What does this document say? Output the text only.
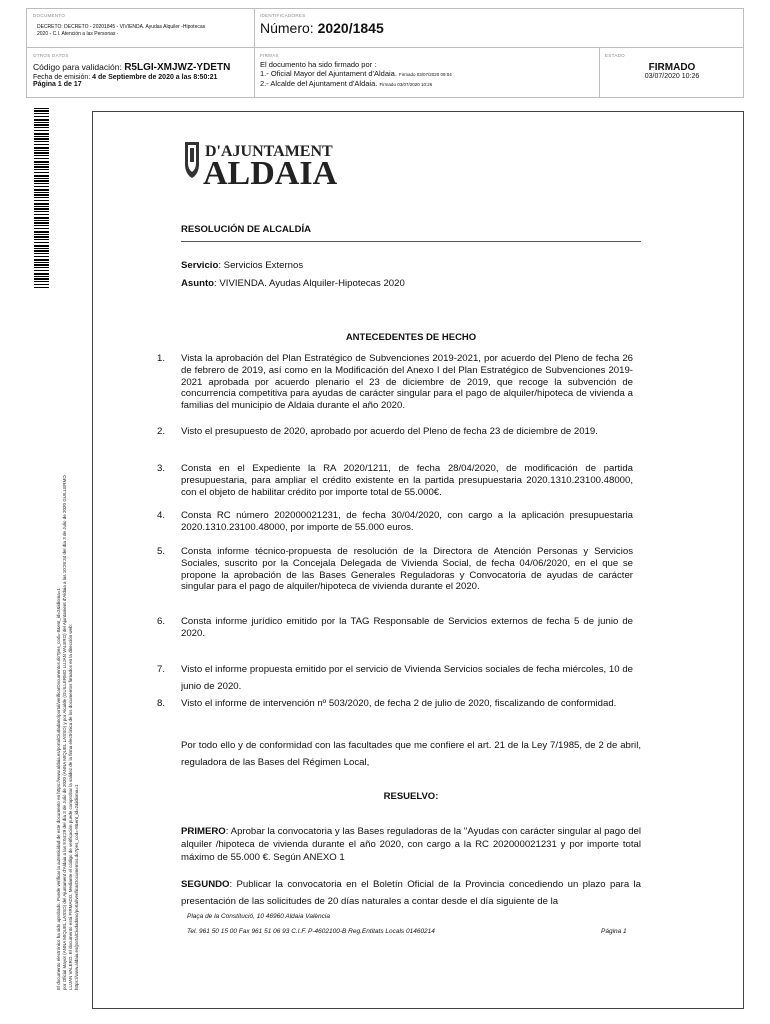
DOCUMENTO
DECRETO: DECRETO - 20201845 - VIVIENDA. Ayudas Alquiler -Hipotecas 2020 - C.I. Atención a las Personas -
IDENTIFICADORES
Número: 2020/1845
OTROS DATOS
Código para validación: R5LGI-XMJWZ-YDETN
Fecha de emisión: 4 de Septiembre de 2020 a las 8:50:21
Página 1 de 17
FIRMAS
El documento ha sido firmado por :
1.- Oficial Mayor del Ajuntament d'Aldaia. Firmado 03/07/2020 09:04
2.- Alcalde del Ajuntament d'Aldaia. Firmado 03/07/2020 10:26
ESTADO
FIRMADO
03/07/2020 10:26
El documento electrónico ha sido aprobado. Puede verificar la autenticidad de este documento en https://www.aldaia.es/portalCiudadano/portal/verificarDocumentos.do?pes_cod=-8&ent_id=2&idioma=1 por Oficial Mayor (ANNA MIQUEL LASSO) del Ajuntament d'Aldaia a las 9:04:29 del día 3 de Julio de 2020 (ANNA MIQUEL LASSO) y por Alcalde (GUILLERMO LUJAN VALERO) del Ajuntament d'Aldaia a las 10:26:34 del día 3 de Julio de 2020 GUILLERMO LUJAN VALERO. El documento está FIRMADO. Mediante el código de verificación puede comprobar la validez de la firma electrónica de los documentos firmados en la dirección web: https://www.aldaia.es/portalCiudadano/portal/verificarDocumentos.do?pes_cod=-8&ent_id=2&idioma=1
D'AJUNTAMENT
ALDAIA
RESOLUCIÓN DE ALCALDÍA
Servicio: Servicios Externos
Asunto: VIVIENDA. Ayudas Alquiler-Hipotecas 2020
ANTECEDENTES DE HECHO
1. Vista la aprobación del Plan Estratégico de Subvenciones 2019-2021, por acuerdo del Pleno de fecha 26 de febrero de 2019, así como en la Modificación del Anexo I del Plan Estratégico de Subvenciones 2019-2021 aprobada por acuerdo plenario el 23 de diciembre de 2019, que recoge la subvención de concurrencia competitiva para ayudas de carácter singular para el pago de alquiler/hipoteca de vivienda a familias del municipio de Aldaia durante el año 2020.
2. Visto el presupuesto de 2020, aprobado por acuerdo del Pleno de fecha 23 de diciembre de 2019.
3. Consta en el Expediente la RA 2020/1211, de fecha 28/04/2020, de modificación de partida presupuestaria, para ampliar el crédito existente en la partida presupuestaria 2020.1310.23100.48000, con el objeto de habilitar crédito por importe total de 55.000€.
4. Consta RC número 202000021231, de fecha 30/04/2020, con cargo a la aplicación presupuestaria 2020.1310.23100.48000, por importe de 55.000 euros.
5. Consta informe técnico-propuesta de resolución de la Directora de Atención Personas y Servicios Sociales, suscrito por la Concejala Delegada de Vivienda Social, de fecha 04/06/2020, en el que se propone la aprobación de las Bases Generales Reguladoras y Convocatoria de ayudas de carácter singular para el pago de alquiler/hipoteca de vivienda durante el 2020.
6. Consta informe jurídico emitido por la TAG Responsable de Servicios externos de fecha 5 de junio de 2020.
7. Visto el informe propuesta emitido por el servicio de Vivienda Servicios sociales de fecha miércoles, 10 de junio de 2020.
8. Visto el informe de intervención nº 503/2020, de fecha 2 de julio de 2020, fiscalizando de conformidad.
Por todo ello y de conformidad con las facultades que me confiere el art. 21 de la Ley 7/1985, de 2 de abril, reguladora de las Bases del Régimen Local,
RESUELVO:
PRIMERO: Aprobar la convocatoria y las Bases reguladoras de la "Ayudas con carácter singular al pago del alquiler /hipoteca de vivienda durante el año 2020, con cargo a la RC 202000021231 y por importe total máximo de 55.000 €. Según ANEXO 1
SEGUNDO: Publicar la convocatoria en el Boletín Oficial de la Provincia concediendo un plazo para la presentación de las solicitudes de 20 días naturales a contar desde el día siguiente de la
Plaça de la Constitució, 10 46960 Aldaia València
Tel. 961 50 15 00 Fax 961 51 06 93 C.I.F. P-4602100-B Reg.Entitats Locals 01460214	Página 1
